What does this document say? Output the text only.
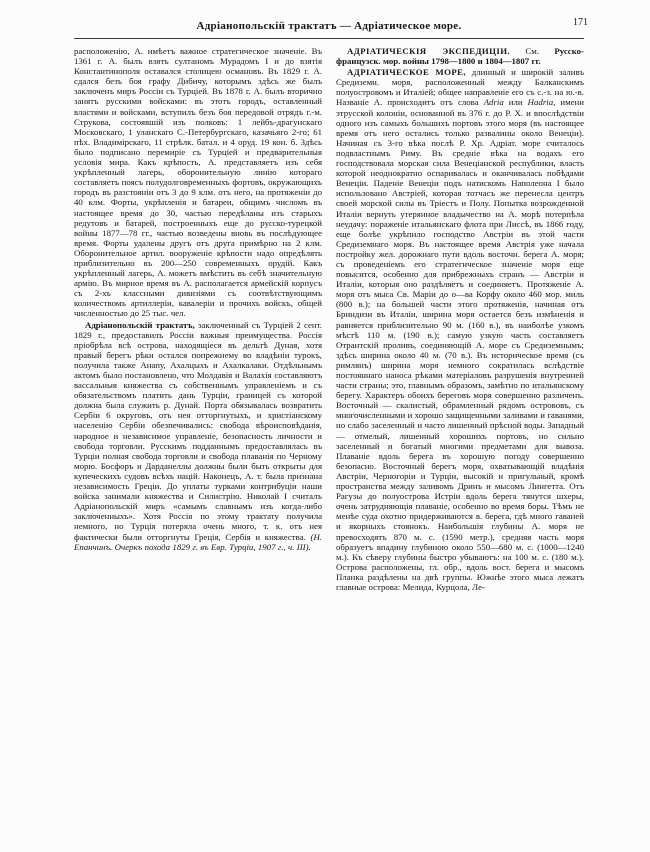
Адріанопольскій трактатъ — Адріатическое море.	171

расположенію, А. имѣетъ важное стратегическое значеніе. Въ 1361 г. А. былъ взятъ султаномъ Мурадомъ I и до взятія Константинополя оставался столицею османовъ. Въ 1829 г. А. сдался безъ боя графу Дибичу, которымъ здѣсь же былъ заключенъ миръ Россіи съ Турціей. Въ 1878 г. А. былъ вторично занятъ русскими войсками: въ этотъ городъ, оставленный властями и войсками, вступилъ безъ боя передовой отрядъ г.-м. Струкова, состоявшій изъ полковъ: 1 лейбъ-драгунскаго Московскаго, 1 уланскаго С.-Петербургскаго, казачьяго 2-го; 61 пѣх. Владимірскаго, 11 стрѣлк. батал. и 4 оруд. 19 кон. б. Здѣсь было подписано перемиріе съ Турціей и предварительныя условія мира. Какъ крѣпость, А. представляетъ изъ себя укрѣпленный лагерь, оборонительную линію котораго составляетъ поясъ полудолговременныхъ фортовъ, окружающихъ городъ въ разстояніи отъ 3 до 9 клм. отъ него, на протяженіи до 40 клм. Форты, укрѣпленія и батареи, общимъ числомъ въ настоящее время до 30, частью передѣланы изъ старыхъ редутовъ и батарей, построенныхъ еще до русско-турецкой войны 1877—78 гг., частью возведены вновь въ послѣдующее время. Форты удалены другъ отъ друга примѣрно на 2 клм. Оборонительное артил. вооруженіе крѣпости надо опредѣлять приблизительно въ 200—250 современныхъ орудій. Какъ укрѣпленный лагерь, А. можетъ вмѣстить въ себѣ значительную армію. Въ мирное время въ А. располагается армейскій корпусъ съ 2-хъ классными дивизіями съ соотвѣтствующимъ количествомъ артиллеріи, кавалеріи и прочихъ войскъ, общей численностью до 25 тыс. чел.

Адріанопольскій трактатъ, заключенный съ Турціей 2 сент. 1829 г., предоставилъ Россіи важныя преимущества. Россія пріобрѣла всѣ острова, находящіеся въ дельтѣ Дуная, хотя правый берегъ рѣки остался попрежнему во владѣніи турокъ, получила также Анапу, Ахалцыхъ и Ахалкалаки. Отдѣльнымъ актомъ было постановлено, что Молдавія и Валахія составляютъ вассальныя княжества съ собственнымъ управленіемъ и съ обязательствомъ платить дань Турціи, границей съ которой должна была служить р. Дунай. Порта обязывалась возвратить Сербіи 6 округовъ, отъ нея отторгнутыхъ, и христіанскому населенію Сербіи обезпечивались: свобода вѣроисповѣданія, народное и независимое управленіе, безопасность личности и свобода торговли. Русскимъ подданнымъ предоставлялась въ Турціи полная свобода торговли и свобода плаванія по Черному морю. Босфоръ и Дарданеллы должны были быть открыты для купеческихъ судовъ всѣхъ націй. Наконецъ, А. т. была признана независимость Греціи. До уплаты турками контрибуціи наши войска занимали княжества и Силистрію. Николай I считалъ Адріанопольскій миръ «самымъ славнымъ изъ когда-либо заключенныхъ». Хотя Россія по этому трактату получила немного, но Турція потеряла очень много, т. к. отъ нея фактически были отторгнуты Греція, Сербія и княжества. (Н. Епанчинъ. Очеркъ похода 1829 г. въ Евр. Турціи, 1907 г., ч. III).

АДРІАТИЧЕСКІЯ ЭКСПЕДИЦІИ. См. Русско-французск. мор. войны 1798—1800 и 1804—1807 гг.

АДРІАТИЧЕСКОЕ МОРЕ, длинный и широкій заливъ Средиземн. моря, расположенный между Балканскимъ полуостровомъ и Италіей; общее направленіе его съ с.-з. на ю.-в. Названіе А. происходитъ отъ слова Adria или Hadria, имени этрусской колоніи, основанной въ 376 г. до Р. Х. и впослѣдствіи одного изъ самыхъ большихъ портовъ этого моря (въ настоящее время отъ него остались только развалины около Венеціи). Начиная съ 3-го вѣка послѣ Р. Хр. Адріат. море считалось подвластнымъ Риму. Въ средніе вѣка на водахъ его господствовала морская сила Венеціанской республики, власть которой неоднократно оспаривалась и оканчивалась побѣдами Венеціи. Паденіе Венеціи подъ натискомъ Наполеона I было использовано Австріей, которая тотчасъ же перенесла центръ своей морской силы въ Тріестъ и Полу. Попытка возрожденной Италіи вернуть утерянное владычество на А. морѣ потерпѣла неудачу: пораженіе итальянскаго флота при Лиссѣ, въ 1866 году, еще болѣе укрѣпило господство Австріи въ этой части Средиземнаго моря. Въ настоящее время Австрія уже начала постройку жел. дорожнаго пути вдоль восточн. берега А. моря; съ проведеніемъ его стратегическое значеніе моря еще повысится, особенно для прибрежныхъ странъ — Австріи и Италіи, которыя оно раздѣляетъ и соединяетъ. Протяженіе А. моря отъ мыса Св. Маріи до о—ва Корфу около 460 мор. миль (800 в.); на большей части этого протяженія, начиная отъ Бриндизи въ Италіи, ширина моря остается безъ измѣненія и равняется приблизительно 90 м. (160 в.), въ наиболѣе узкомъ мѣстѣ 110 м. (190 в.); самую узкую часть составляетъ Отрантскій проливъ, соединяющій А. море съ Средиземнымъ; здѣсь ширина около 40 м. (70 в.). Въ историческое время (съ римлянъ) ширина моря немного сократилась вслѣдствіе постояннаго наноса рѣками матеріаловъ разрушенія внутренней части страны; это, главнымъ образомъ, замѣтно по итальянскому берегу. Характеръ обоихъ береговъ моря совершенно различенъ. Восточный — скалистый, обрамленный рядомъ острововъ, съ многочисленными и хорошо защищенными заливами и гаванями, но слабо заселенный и часто лишенный прѣсной воды. Западный — отмелый, лишенный хорошихъ портовъ, но сильно заселенный и богатый многими предметами для вывоза. Плаваніе вдоль берега въ хорошую погоду совершенно безопасно. Восточный берегъ моря, охватывающій владѣнія Австріи, Черногоріи и Турціи, высокій и пригульный, кромѣ пространства между заливомъ Дринъ и мысомъ Лингетта. Отъ Рагузы до полуострова Истріи вдоль берега тянутся шхеры, очень затрудняющія плаваніе, особенно во время боры. Тѣмъ не менѣе суда охотно придерживаются в. берега, гдѣ много гаваней и якорныхъ стоянокъ. Наибольшія глубины А. моря не превосходятъ 870 м. с. (1590 метр.), средняя часть моря образуетъ впадину глубиною около 550—680 м. с. (1000—1240 м.). Къ сѣверу глубины быстро убываютъ: на 100 м. с. (180 м.). Острова расположены, гл. обр., вдоль вост. берега и мысомъ Планка раздѣлены на двѣ группы. Южнѣе этого мыса лежатъ главные острова: Мелида, Курцола, Ле-
